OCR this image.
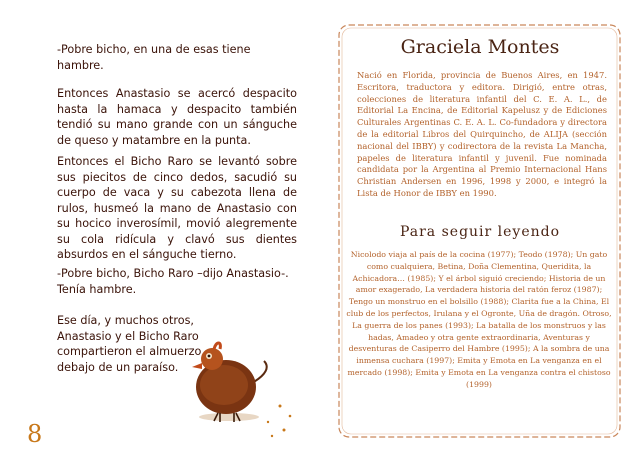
-Pobre bicho, en una de esas tiene hambre.

Entonces Anastasio se acercó despacito hasta la hamaca y despacito también tendió su mano grande con un sánguche de queso y matambre en la punta.

Entonces el Bicho Raro se levantó sobre sus piecitos de cinco dedos, sacudió su cuerpo de vaca y su cabezota llena de rulos, husmeó la mano de Anastasio con su hocico inverosímil, movió alegremente su cola ridícula y clavó sus dientes absurdos en el sánguche tierno.

-Pobre bicho, Bicho Raro –dijo Anastasio-. Tenía hambre.

Ese día, y muchos otros, Anastasio y el Bicho Raro compartieron el almuerzo debajo de un paraíso.

8
Graciela Montes

Nació en Florida, provincia de Buenos Aires, en 1947. Escritora, traductora y editora. Dirigió, entre otras, colecciones de literatura infantil del C. E. A. L., de Editorial La Encina, de Editorial Kapelusz y de Ediciones Culturales Argentinas C. E. A. L. Co-fundadora y directora de la editorial Libros del Quirquincho, de ALIJA (sección nacional del IBBY) y codirectora de la revista La Mancha, papeles de literatura infantil y juvenil. Fue nominada candidata por la Argentina al Premio Internacional Hans Christian Andersen en 1996, 1998 y 2000, e integró la Lista de Honor de IBBY en 1990.

Para seguir leyendo

Nicolodo viaja al país de la cocina (1977); Teodo (1978); Un gato como cualquiera, Betina, Doña Clementina, Queridita, la Achicadora… (1985); Y el árbol siguió creciendo; Historia de un amor exagerado, La verdadera historia del ratón feroz (1987); Tengo un monstruo en el bolsillo (1988); Clarita fue a la China, El club de los perfectos, Irulana y el Ogronte, Uña de dragón. Otroso, La guerra de los panes (1993); La batalla de los monstruos y las hadas, Amadeo y otra gente extraordinaria, Aventuras y desventuras de Casiperro del Hambre (1995); A la sombra de una inmensa cuchara (1997); Emita y Emota en La venganza en el mercado (1998); Emita y Emota en La venganza contra el chistoso (1999)
